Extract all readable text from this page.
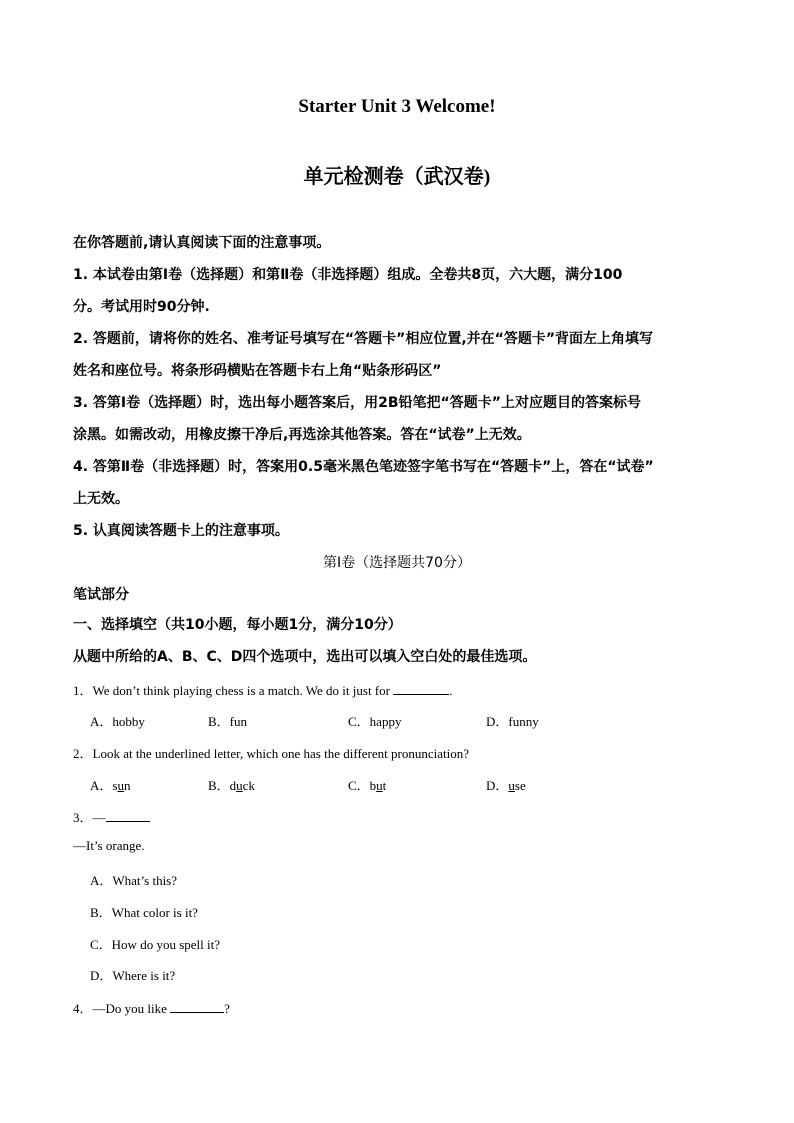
Starter Unit 3 Welcome!
单元检测卷（武汉卷)
在你答题前,请认真阅读下面的注意事项。
1. 本试卷由第Ⅰ卷（选择题）和第Ⅱ卷（非选择题）组成。全卷共8页，六大题，满分100
分。考试用时90分钟.
2. 答题前，请将你的姓名、准考证号填写在“答题卡”相应位置,并在“答题卡”背面左上角填写
姓名和座位号。将条形码横贴在答题卡右上角“贴条形码区”
3. 答第Ⅰ卷（选择题）时，选出每小题答案后，用2B铅笔把“答题卡”上对应题目的答案标号
涂黑。如需改动，用橡皮擦干净后,再选涂其他答案。答在“试卷”上无效。
4. 答第Ⅱ卷（非选择题）时，答案用0.5毫米黑色笔迹签字笔书写在“答题卡”上，答在“试卷”
上无效。
5. 认真阅读答题卡上的注意事项。
第Ⅰ卷（选择题共70分）
笔试部分
一、选择填空（共10小题，每小题1分，满分10分）
从题中所给的A、B、C、D四个选项中，选出可以填入空白处的最佳选项。
1．We don’t think playing chess is a match. We do it just for	.
A．hobby	B．fun	C．happy	D．funny
2．Look at the underlined letter, which one has the different pronunciation?
A．sun	B．duck	C．but	D．use
3．—
—It’s orange.
A．What’s this?
B．What color is it?
C．How do you spell it?
D．Where is it?
4．—Do you like	?
